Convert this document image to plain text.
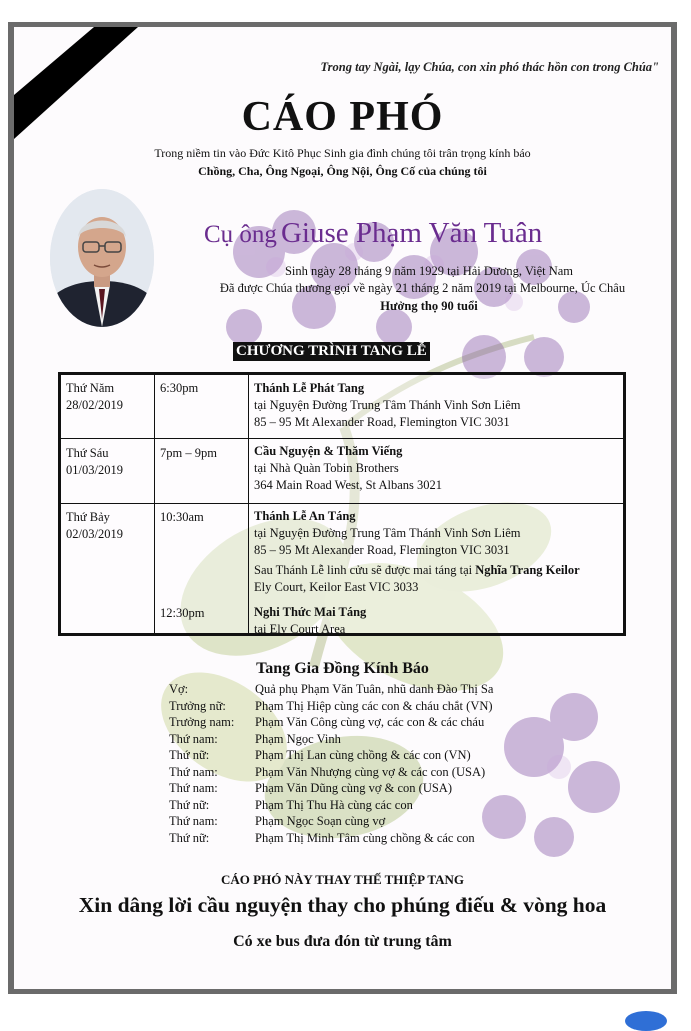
Trong tay Ngài, lạy Chúa, con xin phó thác hồn con trong Chúa"
CÁO PHÓ
Trong niềm tin vào Đức Kitô Phục Sinh gia đình chúng tôi trân trọng kính báo
Chồng, Cha, Ông Ngoại, Ông Nội, Ông Cố của chúng tôi
Cụ ông Giuse Phạm Văn Tuân
Sinh ngày 28 tháng 9 năm 1929 tại Hải Dương, Việt Nam
Đã được Chúa thương gọi về ngày 21 tháng 2 năm 2019 tại Melbourne, Úc Châu
Hưởng thọ 90 tuổi
CHƯƠNG TRÌNH TANG LỄ
Thứ Năm
28/02/2019
6:30pm	Thánh Lễ Phát Tang
tại Nguyện Đường Trung Tâm Thánh Vinh Sơn Liêm
85 – 95 Mt Alexander Road, Flemington VIC 3031
Thứ Sáu
01/03/2019
7pm – 9pm	Cầu Nguyện & Thăm Viếng
tại Nhà Quàn Tobin Brothers
364 Main Road West, St Albans 3021
Thứ Bảy
02/03/2019
10:30am	Thánh Lễ An Táng
tại Nguyện Đường Trung Tâm Thánh Vinh Sơn Liêm
85 – 95 Mt Alexander Road, Flemington VIC 3031
Sau Thánh Lễ linh cửu sẽ được mai táng tại Nghĩa Trang Keilor
Ely Court, Keilor East VIC 3033
12:30pm	Nghi Thức Mai Táng
tại Ely Court Area
Tang Gia Đồng Kính Báo
Vợ:	Quả phụ Phạm Văn Tuân, nhũ danh Đào Thị Sa
Trưởng nữ:	Phạm Thị Hiệp cùng các con & cháu chắt (VN)
Trưởng nam:	Phạm Văn Công cùng vợ, các con & các cháu
Thứ nam:	Phạm Ngọc Vinh
Thứ nữ:	Phạm Thị Lan cùng chồng & các con (VN)
Thứ nam:	Phạm Văn Nhượng cùng vợ & các con (USA)
Thứ nam:	Phạm Văn Dũng cùng vợ & con (USA)
Thứ nữ:	Phạm Thị Thu Hà cùng các con
Thứ nam:	Phạm Ngọc Soạn cùng vợ
Thứ nữ:	Phạm Thị Minh Tâm cùng chồng & các con
CÁO PHÓ NÀY THAY THẾ THIỆP TANG
Xin dâng lời cầu nguyện thay cho phúng điếu & vòng hoa
Có xe bus đưa đón từ trung tâm
